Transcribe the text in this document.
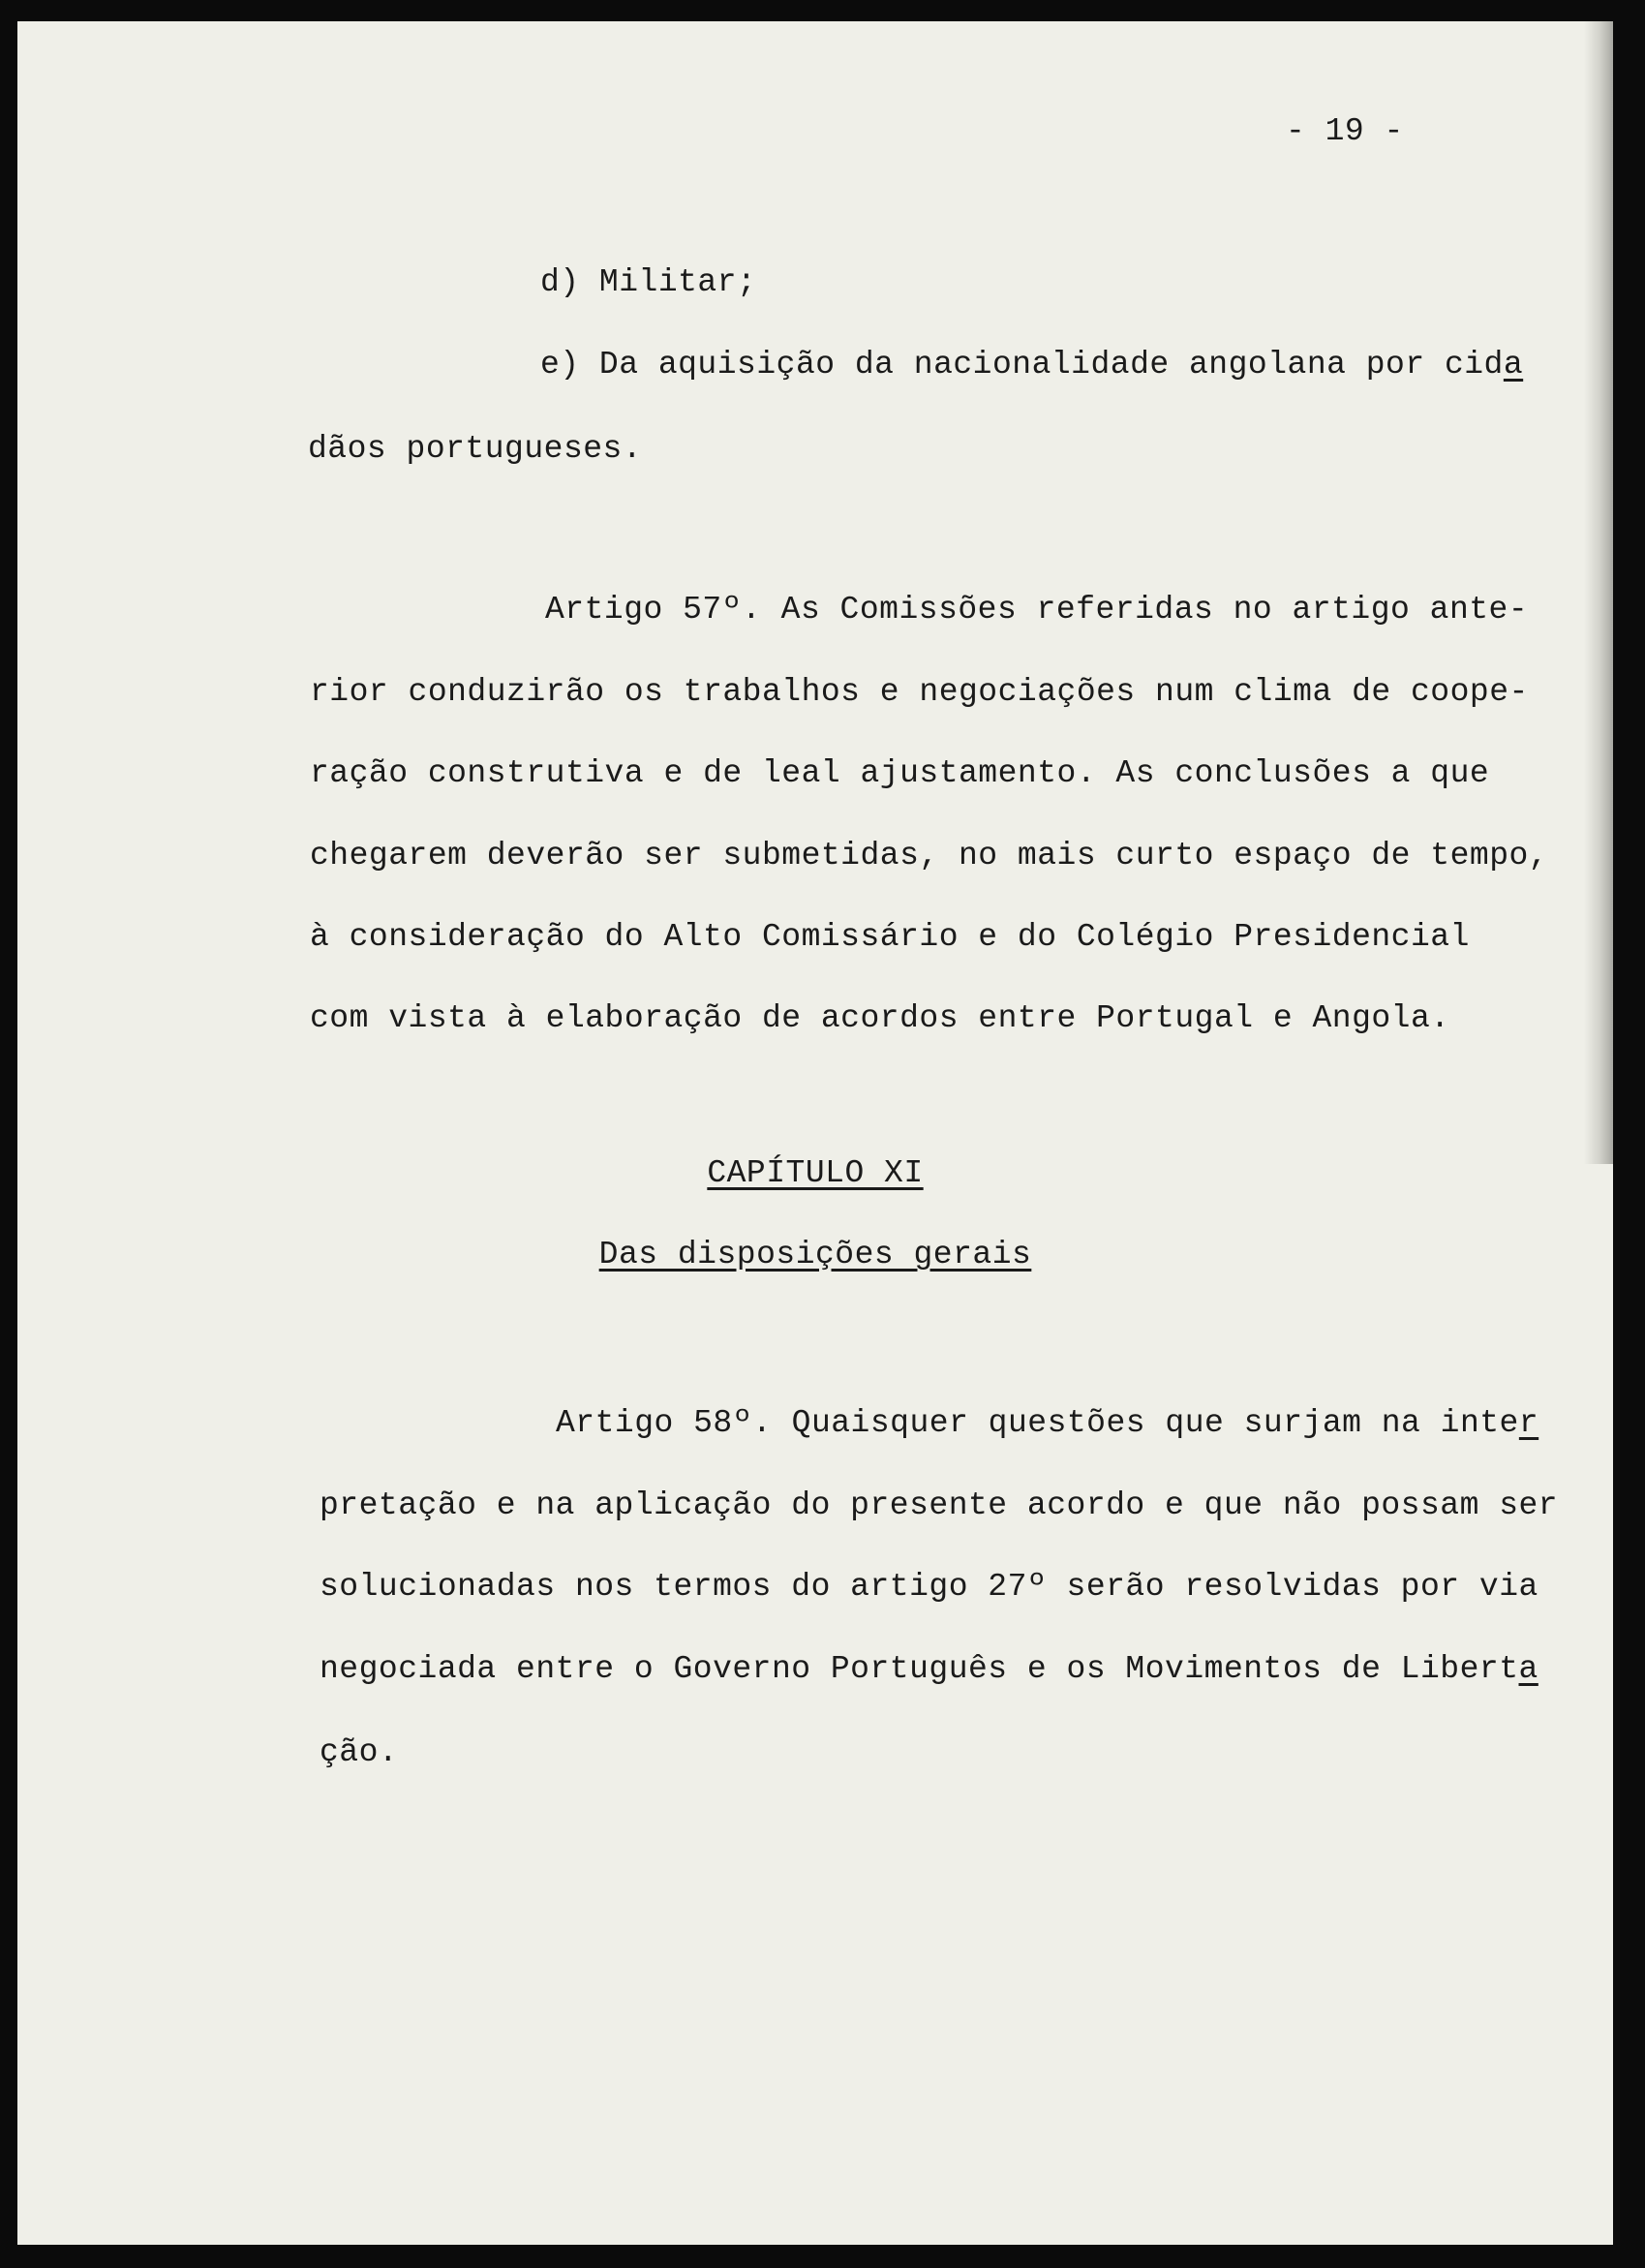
- 19 -
d) Militar;
e) Da aquisição da nacionalidade angolana por cida
dãos portugueses.
Artigo 57º. As Comissões referidas no artigo ante-
rior conduzirão os trabalhos e negociações num clima de coope-
ração construtiva e de leal ajustamento. As conclusões a que
chegarem deverão ser submetidas, no mais curto espaço de tempo,
à consideração do Alto Comissário e do Colégio Presidencial
com vista à elaboração de acordos entre Portugal e Angola.
CAPÍTULO XI
Das disposições gerais
Artigo 58º. Quaisquer questões que surjam na inter
pretação e na aplicação do presente acordo e que não possam ser
solucionadas nos termos do artigo 27º serão resolvidas por via
negociada entre o Governo Português e os Movimentos de Liberta
ção.
